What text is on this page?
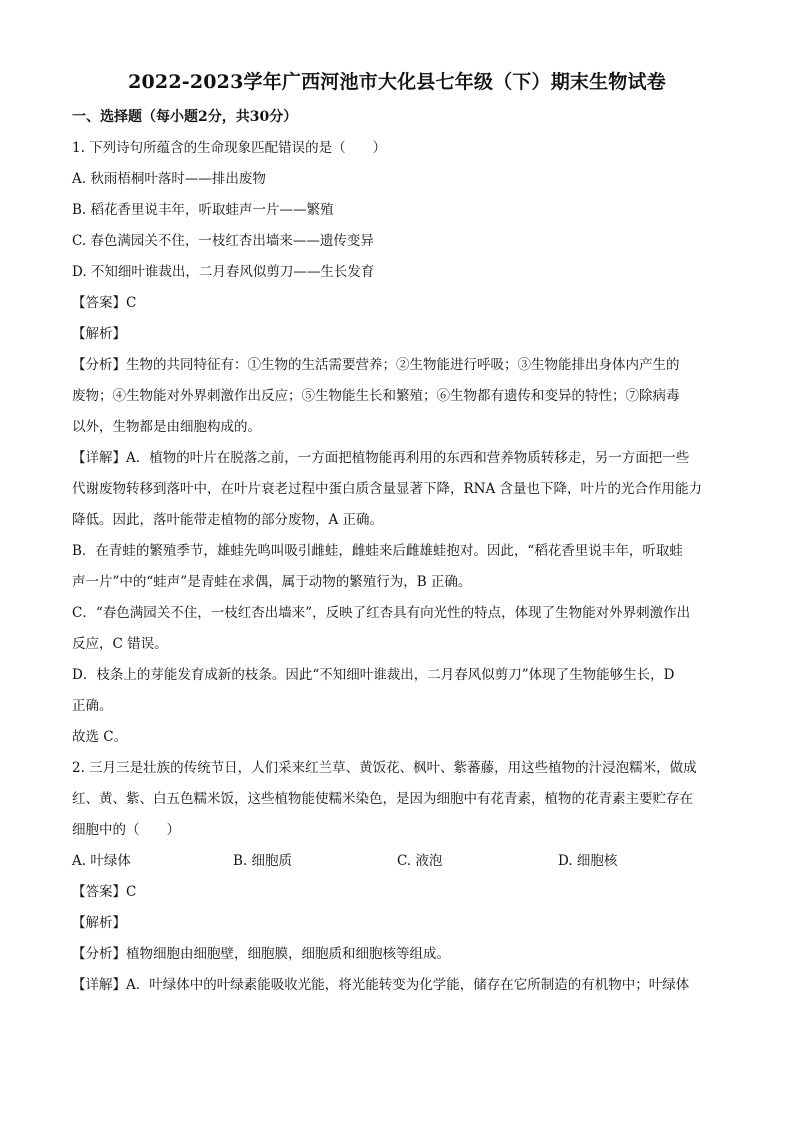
2022-2023学年广西河池市大化县七年级（下）期末生物试卷
一、选择题（每小题2分，共30分）
1. 下列诗句所蕴含的生命现象匹配错误的是（　　）
A. 秋雨梧桐叶落时——排出废物
B. 稻花香里说丰年，听取蛙声一片——繁殖
C. 春色满园关不住，一枝红杏出墙来——遗传变异
D. 不知细叶谁裁出，二月春风似剪刀——生长发育
【答案】C
【解析】
【分析】生物的共同特征有：①生物的生活需要营养；②生物能进行呼吸；③生物能排出身体内产生的
废物；④生物能对外界刺激作出反应；⑤生物能生长和繁殖；⑥生物都有遗传和变异的特性；⑦除病毒
以外，生物都是由细胞构成的。
【详解】A．植物的叶片在脱落之前，一方面把植物能再利用的东西和营养物质转移走，另一方面把一些
代谢废物转移到落叶中，在叶片衰老过程中蛋白质含量显著下降，RNA 含量也下降，叶片的光合作用能力
降低。因此，落叶能带走植物的部分废物，A 正确。
B．在青蛙的繁殖季节，雄蛙先鸣叫吸引雌蛙，雌蛙来后雌雄蛙抱对。因此，“稻花香里说丰年，听取蛙
声一片”中的“蛙声”是青蛙在求偶，属于动物的繁殖行为，B 正确。
C．“春色满园关不住，一枝红杏出墙来”，反映了红杏具有向光性的特点，体现了生物能对外界刺激作出
反应，C 错误。
D．枝条上的芽能发育成新的枝条。因此“不知细叶谁裁出，二月春风似剪刀”体现了生物能够生长，D
正确。
故选 C。
2. 三月三是壮族的传统节日，人们采来红兰草、黄饭花、枫叶、紫蕃藤，用这些植物的汁浸泡糯米，做成
红、黄、紫、白五色糯米饭，这些植物能使糯米染色，是因为细胞中有花青素，植物的花青素主要贮存在
细胞中的（　　）
A. 叶绿体	B. 细胞质	C. 液泡	D. 细胞核
【答案】C
【解析】
【分析】植物细胞由细胞壁，细胞膜，细胞质和细胞核等组成。
【详解】A．叶绿体中的叶绿素能吸收光能，将光能转变为化学能，储存在它所制造的有机物中；叶绿体
